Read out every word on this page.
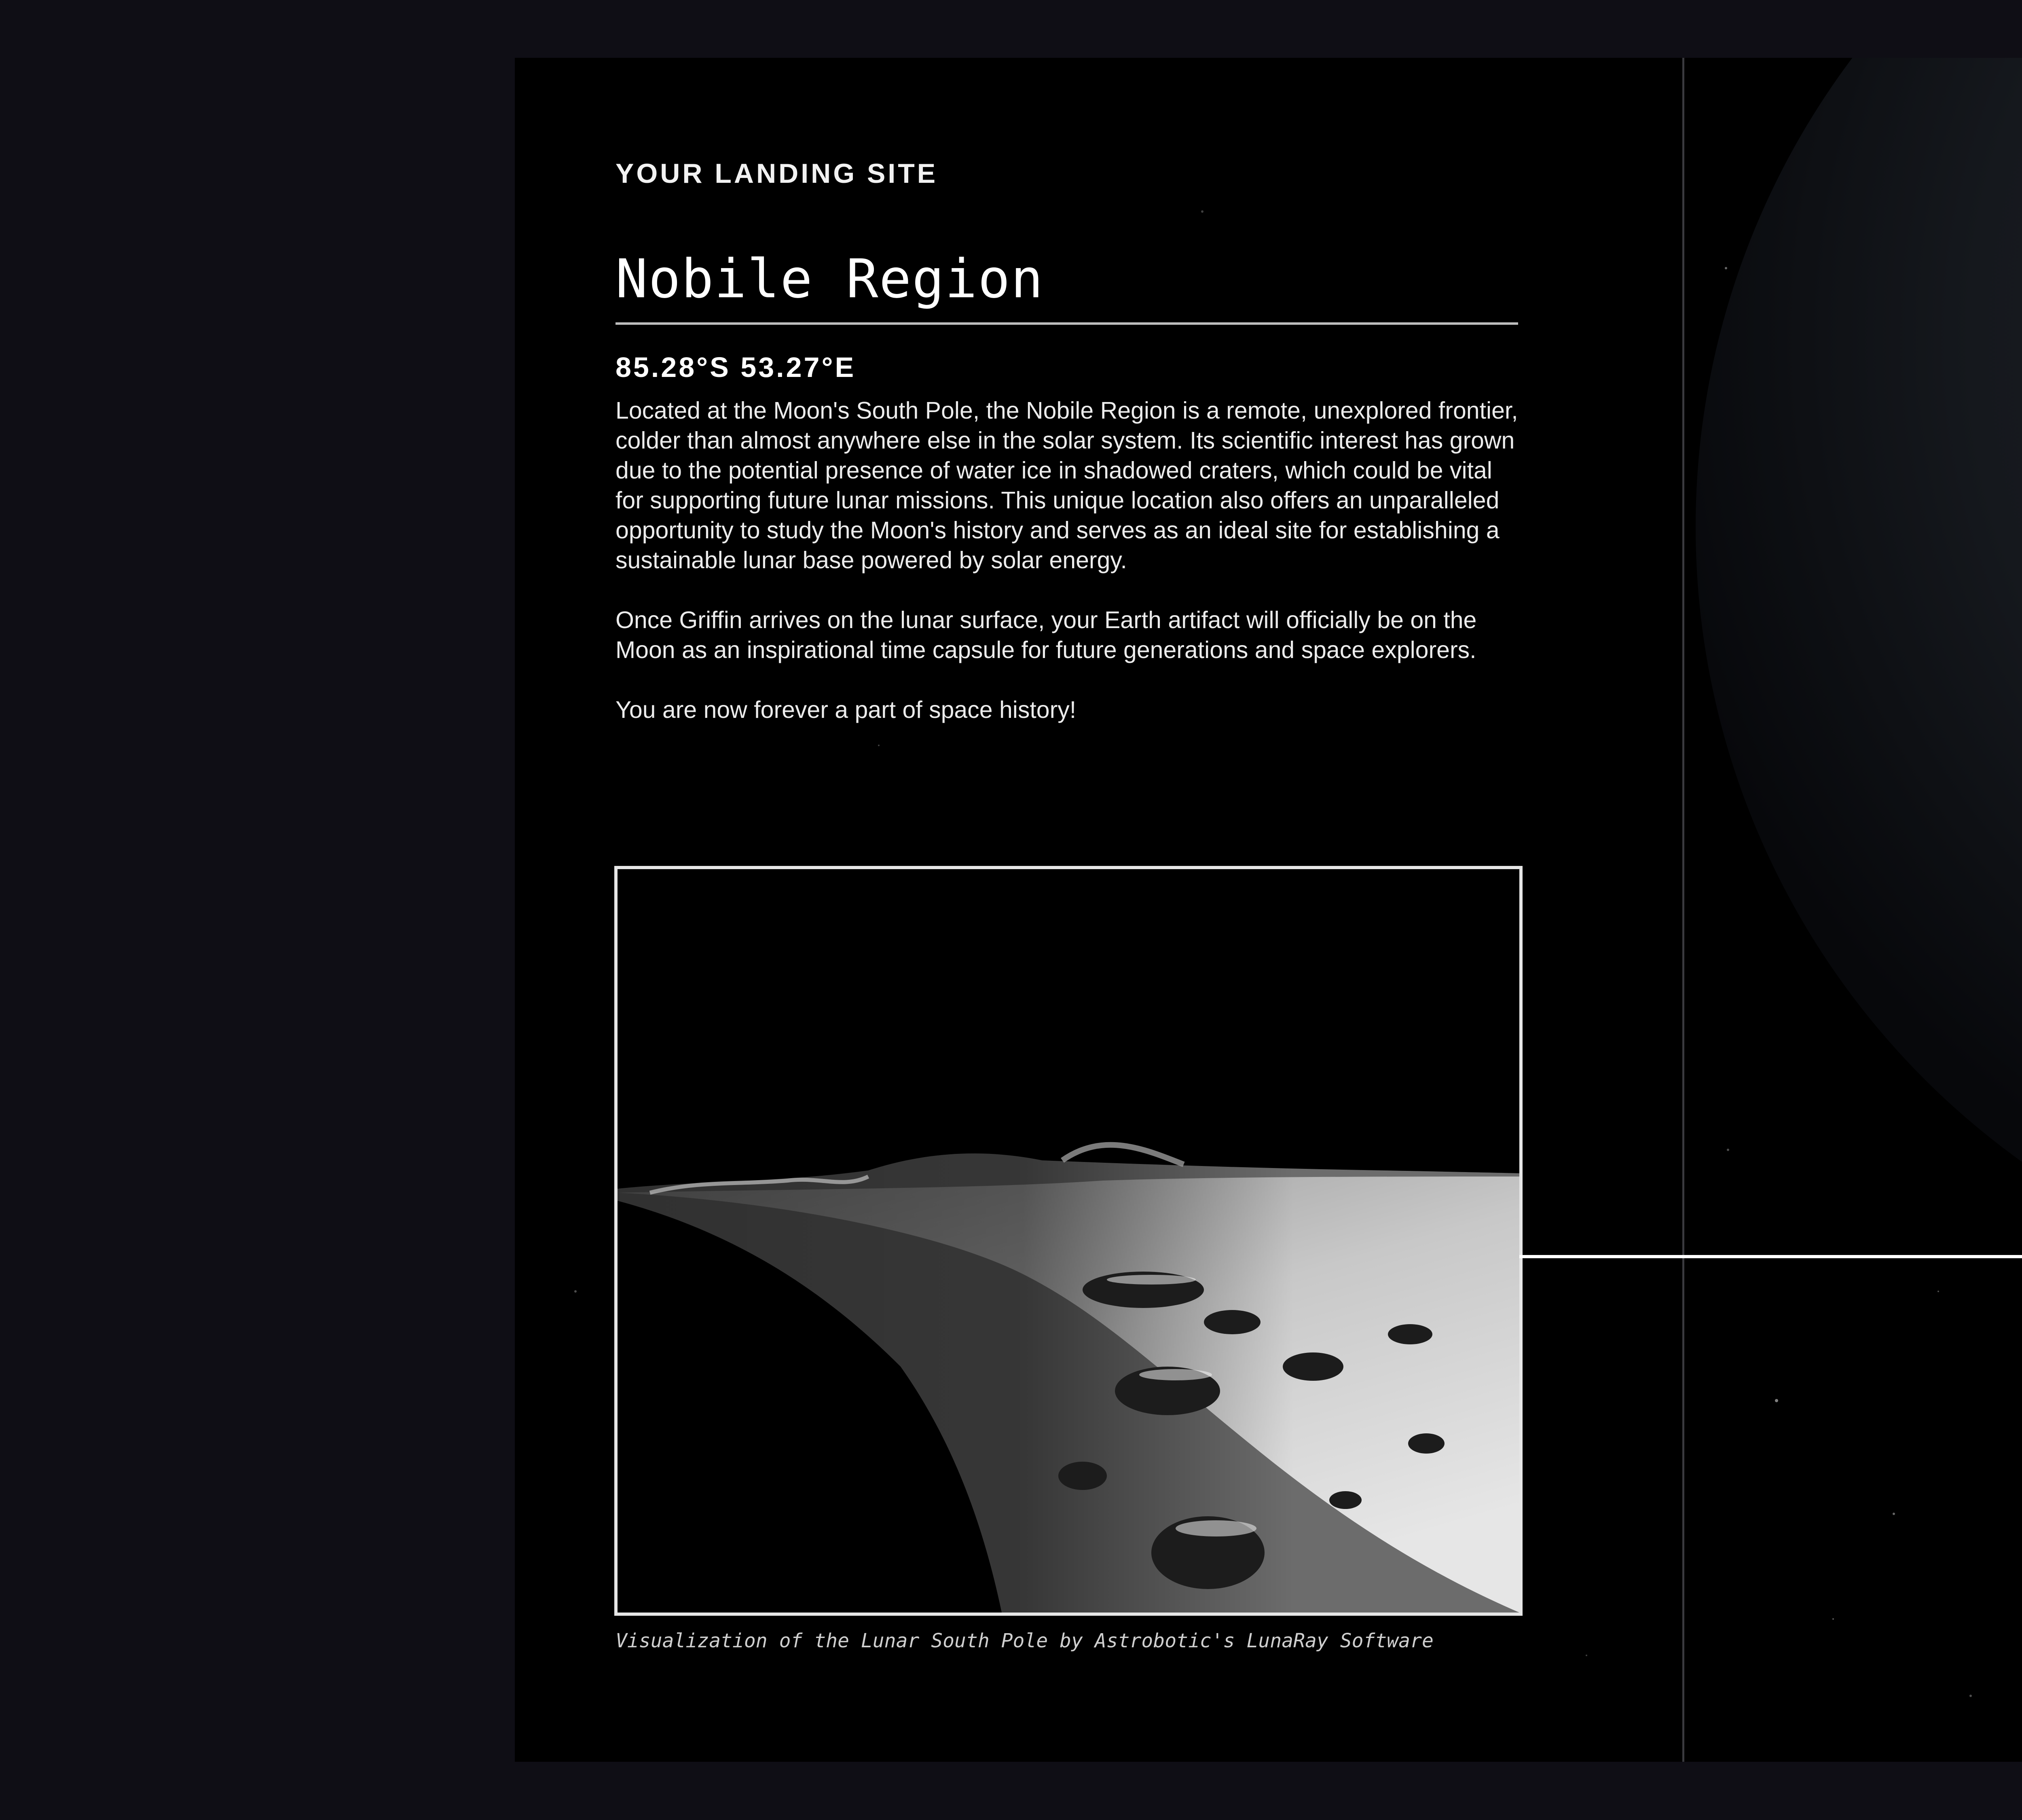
YOUR LANDING SITE

Nobile Region

85.28°S 53.27°E

Located at the Moon's South Pole, the Nobile Region is a remote, unexplored frontier, colder than almost anywhere else in the solar system. Its scientific interest has grown due to the potential presence of water ice in shadowed craters, which could be vital for supporting future lunar missions. This unique location also offers an unparalleled opportunity to study the Moon's history and serves as an ideal site for establishing a sustainable lunar base powered by solar energy.

Once Griffin arrives on the lunar surface, your Earth artifact will officially be on the Moon as an inspirational time capsule for future generations and space explorers.

You are now forever a part of space history!

Visualization of the Lunar South Pole by Astrobotic's LunaRay Software
